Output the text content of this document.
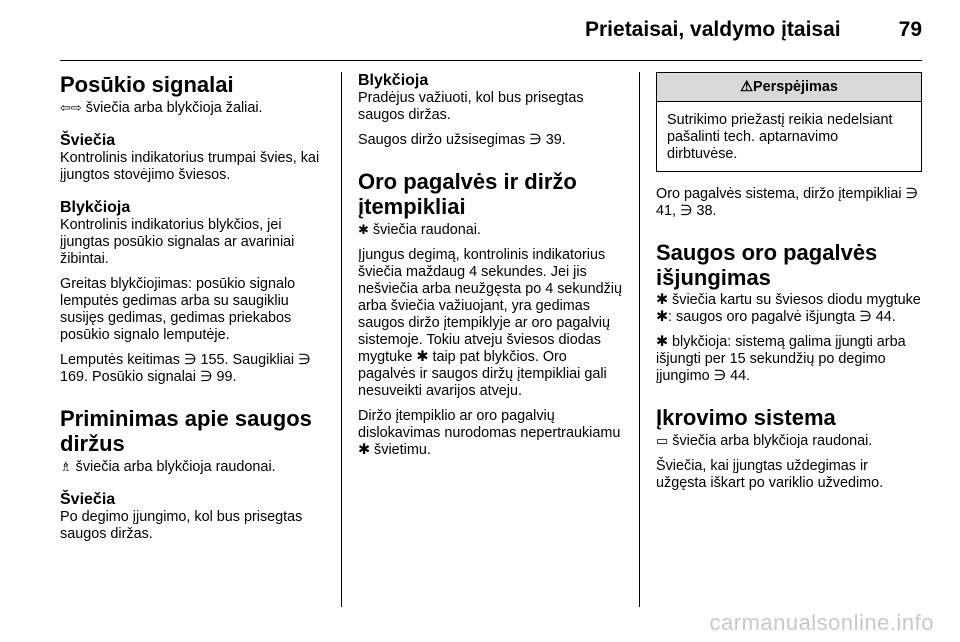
Prietaisai, valdymo įtaisai	79
Posūkio signalai

⇦⇨ šviečia arba blykčioja žaliai.

Šviečia

Kontrolinis indikatorius trumpai švies, kai įjungtos stovėjimo šviesos.

Blykčioja

Kontrolinis indikatorius blykčios, jei įjungtas posūkio signalas ar avariniai žibintai.

Greitas blykčiojimas: posūkio signalo lemputės gedimas arba su saugikliu susijęs gedimas, gedimas priekabos posūkio signalo lemputėje.

Lemputės keitimas ∋ 155. Saugikliai ∋ 169. Posūkio signalai ∋ 99.

Priminimas apie saugos diržus

♗ šviečia arba blykčioja raudonai.

Šviečia

Po degimo įjungimo, kol bus prisegtas saugos diržas.

Blykčioja

Pradėjus važiuoti, kol bus prisegtas saugos diržas.

Saugos diržo užsisegimas ∋ 39.

Oro pagalvės ir diržo įtempikliai

✱ šviečia raudonai.

Įjungus degimą, kontrolinis indikatorius šviečia maždaug 4 sekundes. Jei jis nešviečia arba neužgęsta po 4 sekundžių arba šviečia važiuojant, yra gedimas saugos diržo įtempiklyje ar oro pagalvių sistemoje. Tokiu atveju šviesos diodas mygtuke ✱ taip pat blykčios. Oro pagalvės ir saugos diržų įtempikliai gali nesuveikti avarijos atveju.

Diržo įtempiklio ar oro pagalvių dislokavimas nurodomas nepertraukiamu ✱ švietimu.

⚠Perspėjimas
Sutrikimo priežastį reikia nedelsiant pašalinti tech. aptarnavimo dirbtuvėse.

Oro pagalvės sistema, diržo įtempikliai ∋ 41, ∋ 38.

Saugos oro pagalvės išjungimas

✱ šviečia kartu su šviesos diodu mygtuke ✱: saugos oro pagalvė išjungta ∋ 44.

✱ blykčioja: sistemą galima įjungti arba išjungti per 15 sekundžių po degimo įjungimo ∋ 44.

Įkrovimo sistema

▭ šviečia arba blykčioja raudonai.

Šviečia, kai įjungtas uždegimas ir užgęsta iškart po variklio užvedimo.

carmanualsonline.info
